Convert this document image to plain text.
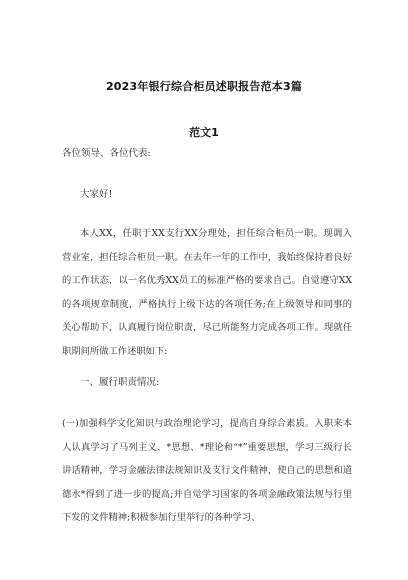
2023年银行综合柜员述职报告范本3篇
范文1
各位领导、各位代表:
大家好!
本人XX，任职于XX支行XX分理处，担任综合柜员一职。现调入营业室，担任综合柜员一职。在去年一年的工作中，我始终保持着良好的工作状态，以一名优秀XX员工的标准严格的要求自己。自觉遵守XX的各项规章制度，严格执行上级下达的各项任务;在上级领导和同事的关心帮助下，认真履行岗位职责，尽己所能努力完成各项工作。现就任职期间所做工作述职如下:
一、履行职责情况:
(一)加强科学文化知识与政治理论学习，提高自身综合素质。入职来本人认真学习了马列主义、*思想、*理论和“*”重要思想，学习三级行长讲话精神，学习金融法律法规知识及支行文件精神，使自己的思想和道德水*得到了进一步的提高;并自觉学习国家的各项金融政策法规与行里下发的文件精神;积极参加行里举行的各种学习、
